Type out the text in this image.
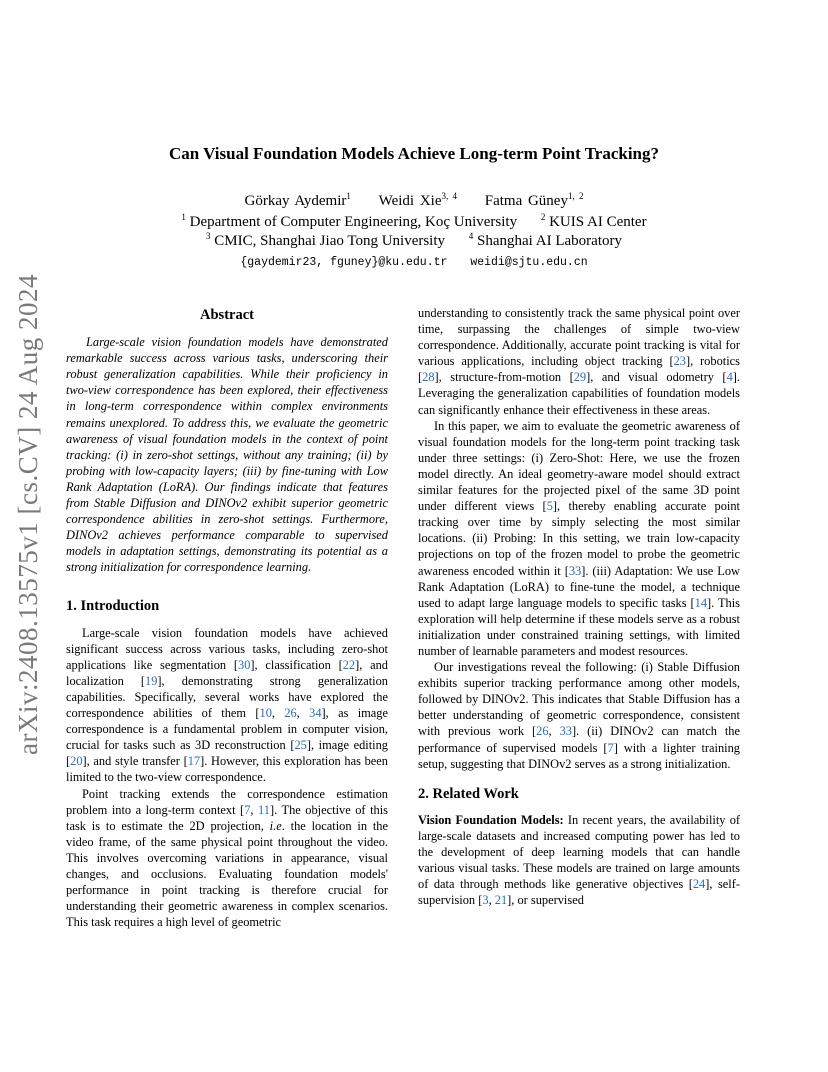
arXiv:2408.13575v1 [cs.CV] 24 Aug 2024
Can Visual Foundation Models Achieve Long-term Point Tracking?
Görkay Aydemir$^1$ Weidi Xie$^{3, 4}$ Fatma Güney$^{1, 2}$
$^1$ Department of Computer Engineering, Koç University	$^2$ KUIS AI Center
$^3$ CMIC, Shanghai Jiao Tong University	$^4$ Shanghai AI Laboratory
{gaydemir23, fguney}@ku.edu.tr weidi@sjtu.edu.cn
Abstract

Large-scale vision foundation models have demonstrated remarkable success across various tasks, underscoring their robust generalization capabilities. While their proficiency in two-view correspondence has been explored, their effectiveness in long-term correspondence within complex environments remains unexplored. To address this, we evaluate the geometric awareness of visual foundation models in the context of point tracking: (i) in zero-shot settings, without any training; (ii) by probing with low-capacity layers; (iii) by fine-tuning with Low Rank Adaptation (LoRA). Our findings indicate that features from Stable Diffusion and DINOv2 exhibit superior geometric correspondence abilities in zero-shot settings. Furthermore, DINOv2 achieves performance comparable to supervised models in adaptation settings, demonstrating its potential as a strong initialization for correspondence learning.

1. Introduction

Large-scale vision foundation models have achieved significant success across various tasks, including zero-shot applications like segmentation [30], classification [22], and localization [19], demonstrating strong generalization capabilities. Specifically, several works have explored the correspondence abilities of them [10, 26, 34], as image correspondence is a fundamental problem in computer vision, crucial for tasks such as 3D reconstruction [25], image editing [20], and style transfer [17]. However, this exploration has been limited to the two-view correspondence.

Point tracking extends the correspondence estimation problem into a long-term context [7, 11]. The objective of this task is to estimate the 2D projection, i.e. the location in the video frame, of the same physical point throughout the video. This involves overcoming variations in appearance, visual changes, and occlusions. Evaluating foundation models' performance in point tracking is therefore crucial for understanding their geometric awareness in complex scenarios. This task requires a high level of geometric

understanding to consistently track the same physical point over time, surpassing the challenges of simple two-view correspondence. Additionally, accurate point tracking is vital for various applications, including object tracking [23], robotics [28], structure-from-motion [29], and visual odometry [4]. Leveraging the generalization capabilities of foundation models can significantly enhance their effectiveness in these areas.

In this paper, we aim to evaluate the geometric awareness of visual foundation models for the long-term point tracking task under three settings: (i) Zero-Shot: Here, we use the frozen model directly. An ideal geometry-aware model should extract similar features for the projected pixel of the same 3D point under different views [5], thereby enabling accurate point tracking over time by simply selecting the most similar locations. (ii) Probing: In this setting, we train low-capacity projections on top of the frozen model to probe the geometric awareness encoded within it [33]. (iii) Adaptation: We use Low Rank Adaptation (LoRA) to fine-tune the model, a technique used to adapt large language models to specific tasks [14]. This exploration will help determine if these models serve as a robust initialization under constrained training settings, with limited number of learnable parameters and modest resources.

Our investigations reveal the following: (i) Stable Diffusion exhibits superior tracking performance among other models, followed by DINOv2. This indicates that Stable Diffusion has a better understanding of geometric correspondence, consistent with previous work [26, 33]. (ii) DINOv2 can match the performance of supervised models [7] with a lighter training setup, suggesting that DINOv2 serves as a strong initialization.

2. Related Work

Vision Foundation Models: In recent years, the availability of large-scale datasets and increased computing power has led to the development of deep learning models that can handle various visual tasks. These models are trained on large amounts of data through methods like generative objectives [24], self-supervision [3, 21], or supervised
